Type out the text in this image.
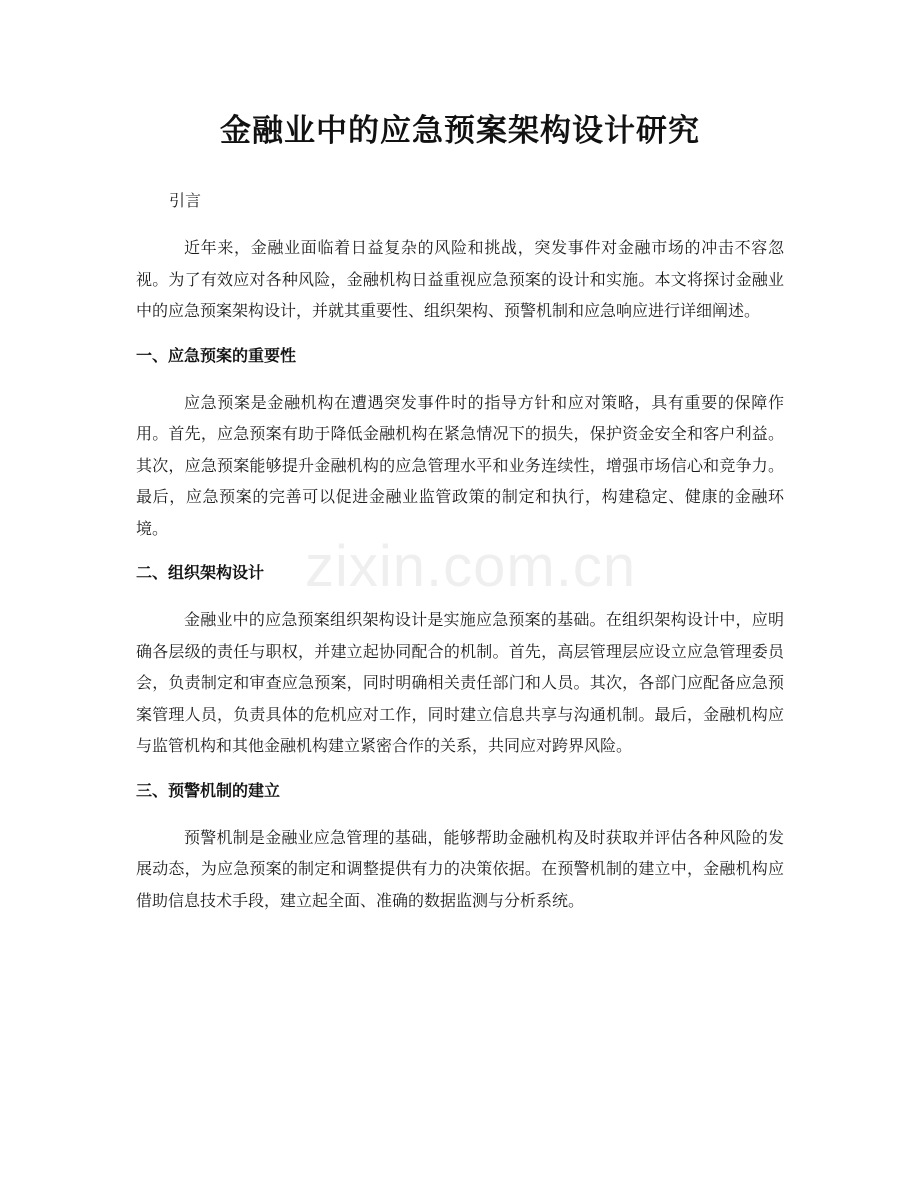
金融业中的应急预案架构设计研究
引言

近年来，金融业面临着日益复杂的风险和挑战，突发事件对金融市场的冲击不容忽视。为了有效应对各种风险，金融机构日益重视应急预案的设计和实施。本文将探讨金融业中的应急预案架构设计，并就其重要性、组织架构、预警机制和应急响应进行详细阐述。

一、应急预案的重要性

应急预案是金融机构在遭遇突发事件时的指导方针和应对策略，具有重要的保障作用。首先，应急预案有助于降低金融机构在紧急情况下的损失，保护资金安全和客户利益。其次，应急预案能够提升金融机构的应急管理水平和业务连续性，增强市场信心和竞争力。最后，应急预案的完善可以促进金融业监管政策的制定和执行，构建稳定、健康的金融环境。

二、组织架构设计

金融业中的应急预案组织架构设计是实施应急预案的基础。在组织架构设计中，应明确各层级的责任与职权，并建立起协同配合的机制。首先，高层管理层应设立应急管理委员会，负责制定和审查应急预案，同时明确相关责任部门和人员。其次，各部门应配备应急预案管理人员，负责具体的危机应对工作，同时建立信息共享与沟通机制。最后，金融机构应与监管机构和其他金融机构建立紧密合作的关系，共同应对跨界风险。

三、预警机制的建立

预警机制是金融业应急管理的基础，能够帮助金融机构及时获取并评估各种风险的发展动态，为应急预案的制定和调整提供有力的决策依据。在预警机制的建立中，金融机构应借助信息技术手段，建立起全面、准确的数据监测与分析系统。

zixin.com.cn
